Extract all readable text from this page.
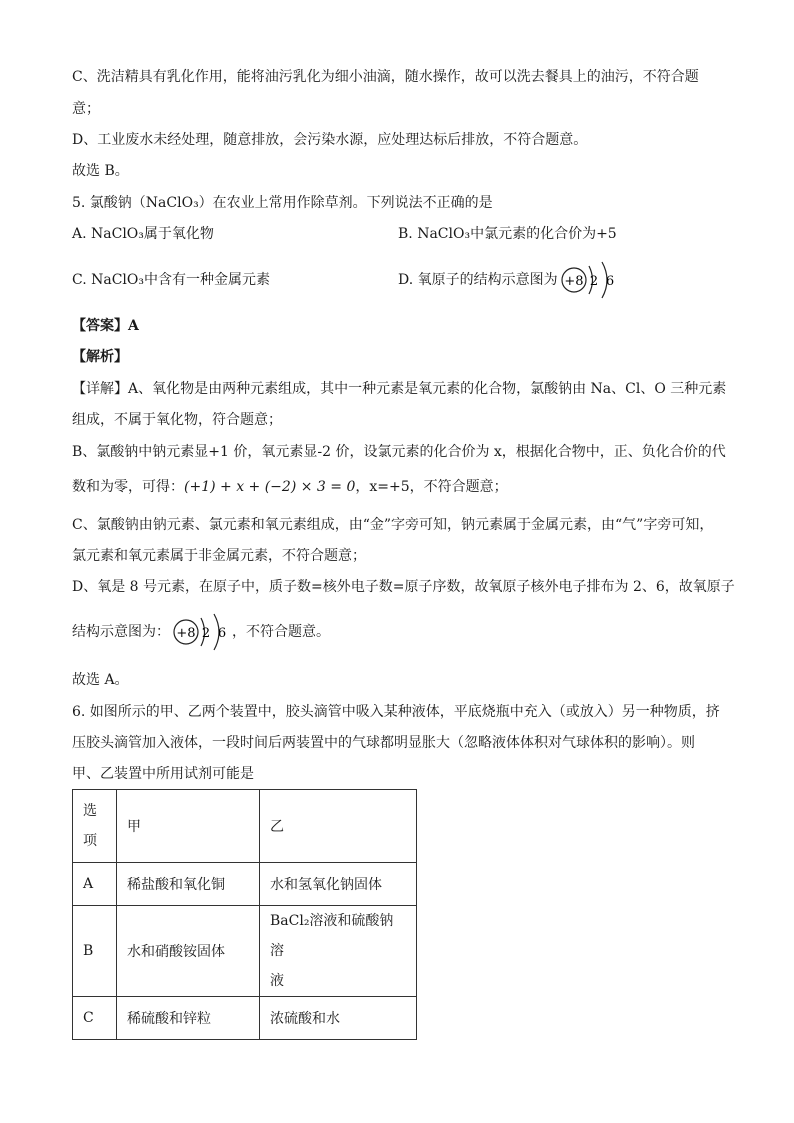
C、洗洁精具有乳化作用，能将油污乳化为细小油滴，随水操作，故可以洗去餐具上的油污，不符合题
意；
D、工业废水未经处理，随意排放，会污染水源，应处理达标后排放，不符合题意。
故选 B。
5. 氯酸钠（NaClO₃）在农业上常用作除草剂。下列说法不正确的是
A. NaClO₃属于氧化物	B. NaClO₃中氯元素的化合价为+5
C. NaClO₃中含有一种金属元素	D. 氧原子的结构示意图为 +8 2 6
【答案】A
【解析】
【详解】A、氧化物是由两种元素组成，其中一种元素是氧元素的化合物，氯酸钠由 Na、Cl、O 三种元素
组成，不属于氧化物，符合题意；
B、氯酸钠中钠元素显+1 价，氧元素显-2 价，设氯元素的化合价为 x，根据化合物中，正、负化合价的代
数和为零，可得：(+1) + x + (−2) × 3 = 0，x=+5，不符合题意；
C、氯酸钠由钠元素、氯元素和氧元素组成，由“金”字旁可知，钠元素属于金属元素，由“气”字旁可知，
氯元素和氧元素属于非金属元素，不符合题意；
D、氧是 8 号元素，在原子中，质子数=核外电子数=原子序数，故氧原子核外电子排布为 2、6，故氧原子
结构示意图为： +8 2 6 ，不符合题意。
故选 A。
6. 如图所示的甲、乙两个装置中，胶头滴管中吸入某种液体，平底烧瓶中充入（或放入）另一种物质，挤
压胶头滴管加入液体，一段时间后两装置中的气球都明显胀大（忽略液体体积对气球体积的影响）。则
甲、乙装置中所用试剂可能是
选
项	甲	乙
A	稀盐酸和氧化铜	水和氢氧化钠固体
B	水和硝酸铵固体	BaCl₂溶液和硫酸钠溶
液

C	稀硫酸和锌粒	浓硫酸和水
